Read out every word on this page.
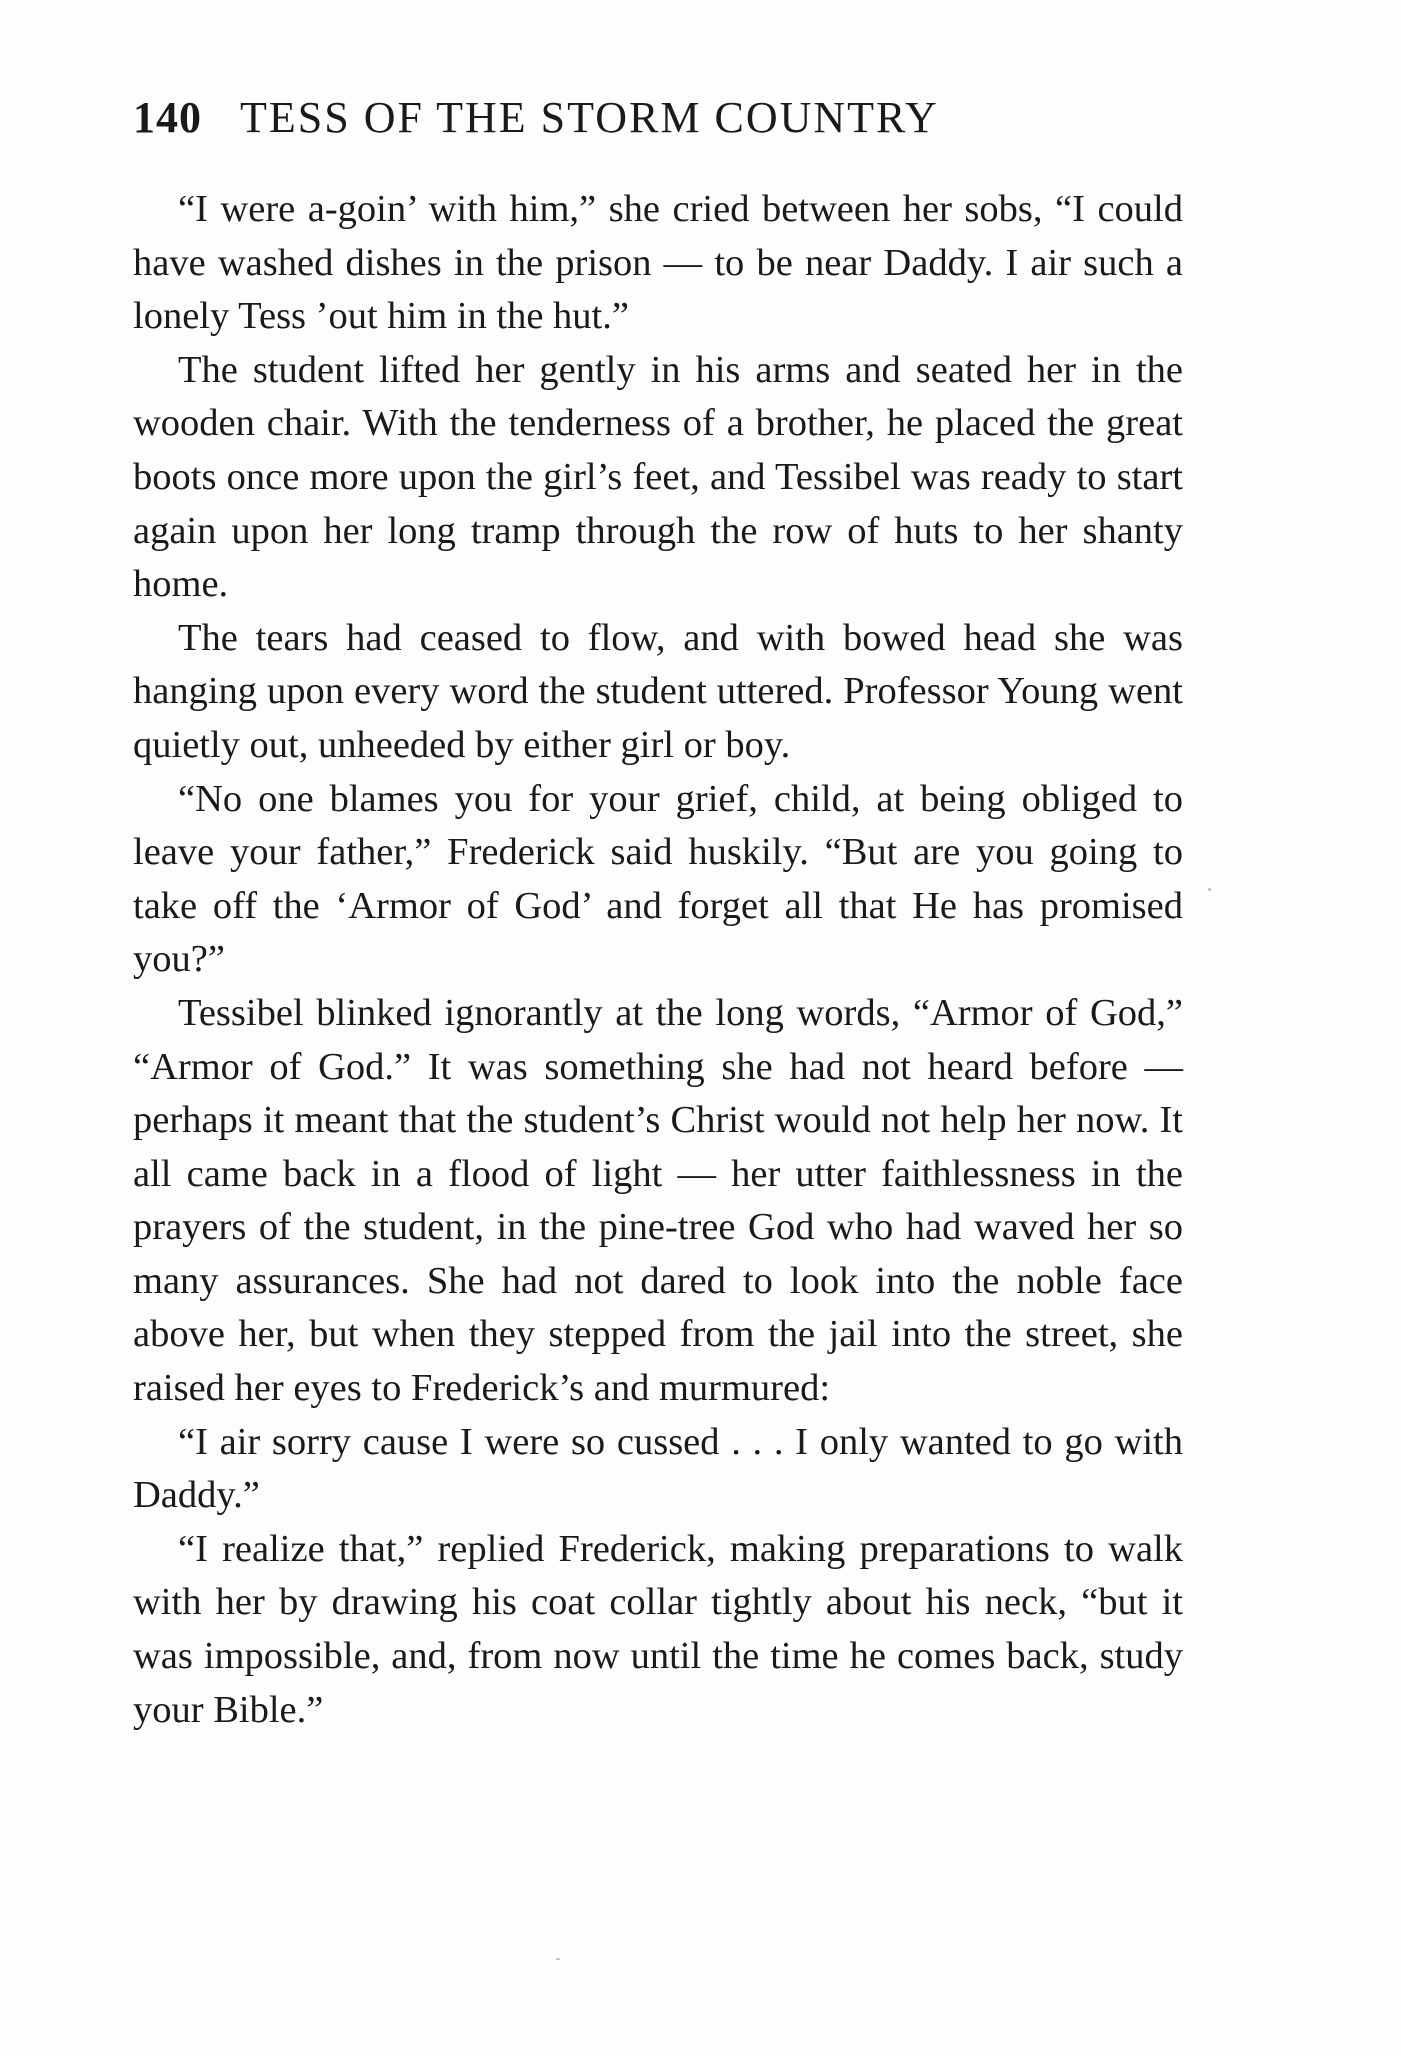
140 TESS OF THE STORM COUNTRY

“I were a-goin’ with him,” she cried between her sobs, “I could have washed dishes in the prison — to be near Daddy. I air such a lonely Tess ’out him in the hut.”

The student lifted her gently in his arms and seated her in the wooden chair. With the tenderness of a brother, he placed the great boots once more upon the girl’s feet, and Tessibel was ready to start again upon her long tramp through the row of huts to her shanty home.

The tears had ceased to flow, and with bowed head she was hanging upon every word the student uttered. Professor Young went quietly out, unheeded by either girl or boy.

“No one blames you for your grief, child, at being obliged to leave your father,” Frederick said huskily. “But are you going to take off the ‘Armor of God’ and forget all that He has promised you?”

Tessibel blinked ignorantly at the long words, “Armor of God,” “Armor of God.” It was something she had not heard before — perhaps it meant that the student’s Christ would not help her now. It all came back in a flood of light — her utter faithlessness in the prayers of the student, in the pine-tree God who had waved her so many assurances. She had not dared to look into the noble face above her, but when they stepped from the jail into the street, she raised her eyes to Frederick’s and murmured:

“I air sorry cause I were so cussed . . . I only wanted to go with Daddy.”

“I realize that,” replied Frederick, making preparations to walk with her by drawing his coat collar tightly about his neck, “but it was impossible, and, from now until the time he comes back, study your Bible.”
